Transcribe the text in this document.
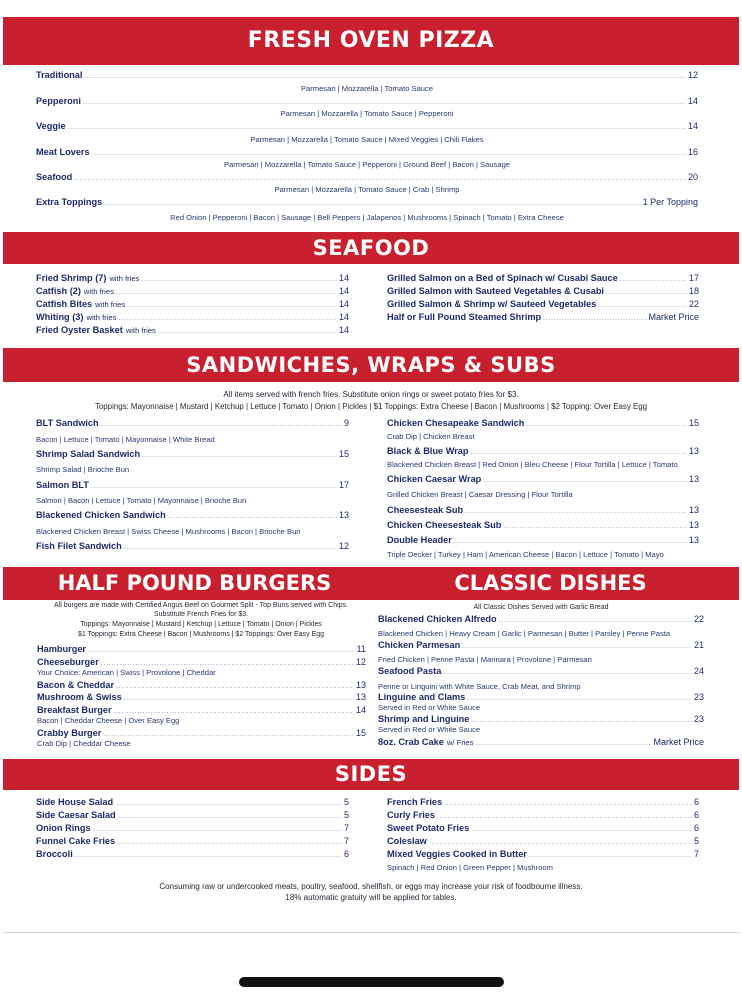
FRESH OVEN PIZZA
Traditional .....	12
Parmesan | Mozzarella | Tomato Sauce
Pepperoni .....	14
Parmesan | Mozzarella | Tomato Sauce | Pepperoni
Veggie .....	14
Parmesan | Mozzarella | Tomato Sauce | Mixed Veggies | Chili Flakes
Meat Lovers .....	16
Parmesan | Mozzarella | Tomato Sauce | Pepperoni | Ground Beef | Bacon | Sausage
Seafood .....	20
Parmesan | Mozzarella | Tomato Sauce | Crab | Shrimp
Extra Toppings .....	1 Per Topping
Red Onion | Pepperoni | Bacon | Sausage | Bell Peppers | Jalapenos | Mushrooms | Spinach | Tomato | Extra Cheese
SEAFOOD
Fried Shrimp (7) with fries .....	14
Catfish (2) with fries .....	14
Catfish Bites with fries .....	14
Whiting (3) with fries .....	14
Fried Oyster Basket with fries .....	14
Grilled Salmon on a Bed of Spinach w/ Cusabi Sauce .....	17
Grilled Salmon with Sauteed Vegetables & Cusabi .....	18
Grilled Salmon & Shrimp w/ Sauteed Vegetables .....	22
Half or Full Pound Steamed Shrimp .....	Market Price
SANDWICHES, WRAPS & SUBS
All items served with french fries. Substitute onion rings or sweet potato fries for $3.
Toppings: Mayonnaise | Mustard | Ketchup | Lettuce | Tomato | Onion | Pickles | $1 Toppings: Extra Cheese | Bacon | Mushrooms | $2 Topping: Over Easy Egg
BLT Sandwich .....	9
Bacon | Lettuce | Tomato | Mayonnaise | White Bread
Shrimp Salad Sandwich .....	15
Shrimp Salad | Brioche Bun
Salmon BLT .....	17
Salmon | Bacon | Lettuce | Tomato | Mayonnaise | Brioche Bun
Blackened Chicken Sandwich .....	13
Blackened Chicken Breast | Swiss Cheese | Mushrooms | Bacon | Brioche Bun
Fish Filet Sandwich .....	12
Chicken Chesapeake Sandwich .....	15
Crab Dip | Chicken Breast
Black & Blue Wrap .....	13
Blackened Chicken Breast | Red Onion | Bleu Cheese | Flour Tortilla | Lettuce | Tomato
Chicken Caesar Wrap .....	13
Grilled Chicken Breast | Caesar Dressing | Flour Tortilla
Cheesesteak Sub .....	13
Chicken Cheesesteak Sub .....	13
Double Header .....	13
Triple Decker | Turkey | Ham | American Cheese | Bacon | Lettuce | Tomato | Mayo
HALF POUND BURGERS	CLASSIC DISHES
All burgers are made with Certified Angus Beef on Gourmet Split - Top Buns served with Chips.
Substitute French Fries for $3.
Toppings: Mayonnaise | Mustard | Ketchup | Lettuce | Tomato | Onion | Pickles
$1 Toppings: Extra Cheese | Bacon | Mushrooms | $2 Toppings: Over Easy Egg
Hamburger .....	11
Cheeseburger .....	12
Your Choice: American | Swiss | Provolone | Cheddar
Bacon & Cheddar .....	13
Mushroom & Swiss .....	13
Breakfast Burger .....	14
Bacon | Cheddar Cheese | Over Easy Egg
Crabby Burger .....	15
Crab Dip | Cheddar Cheese
All Classic Dishes Served with Garlic Bread
Blackened Chicken Alfredo .....	22
Blackened Chicken | Heavy Cream | Garlic | Parmesan | Butter | Parsley | Penne Pasta
Chicken Parmesan .....	21
Fried Chicken | Penne Pasta | Marinara | Provolone | Parmesan
Seafood Pasta .....	24
Penne or Linguini with White Sauce, Crab Meat, and Shrimp
Linguine and Clams .....	23
Served in Red or White Sauce
Shrimp and Linguine .....	23
Served in Red or White Sauce
8oz. Crab Cake w/ Fries .....	Market Price
SIDES
Side House Salad .....	5
Side Caesar Salad .....	5
Onion Rings .....	7
Funnel Cake Fries .....	7
Broccoli .....	6
French Fries .....	6
Curly Fries .....	6
Sweet Potato Fries .....	6
Coleslaw .....	5
Mixed Veggies Cooked in Butter .....	7
Spinach | Red Onion | Green Pepper | Mushroom
Consuming raw or undercooked meats, poultry, seafood, shellfish, or eggs may increase your risk of foodbourne illness.
18% automatic gratuity will be applied for tables.
